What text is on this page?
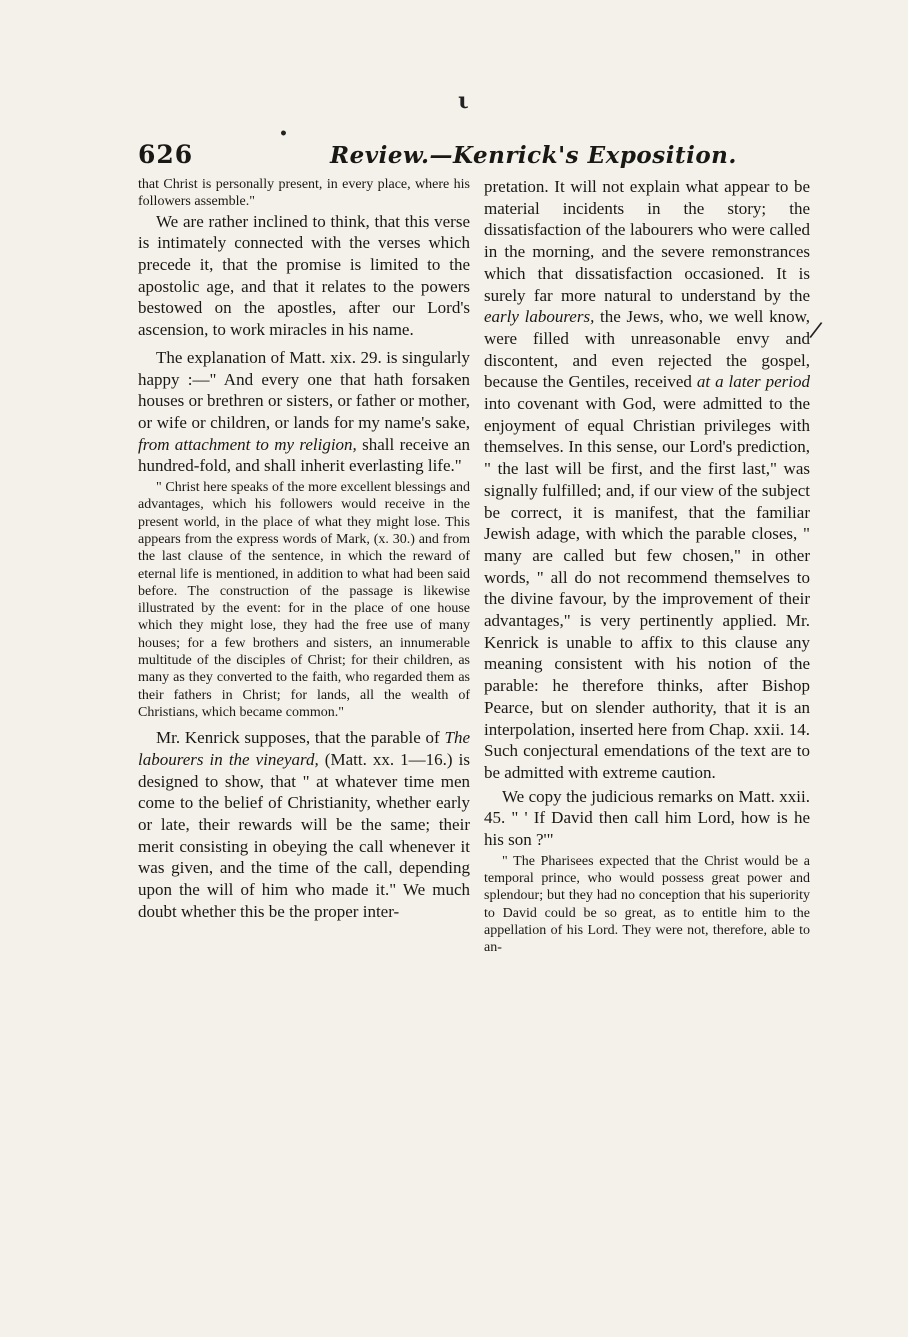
ι
•
626	Review.—Kenrick's Exposition.

that Christ is personally present, in every place, where his followers assemble."

We are rather inclined to think, that this verse is intimately connected with the verses which precede it, that the promise is limited to the apostolic age, and that it relates to the powers bestowed on the apostles, after our Lord's ascension, to work miracles in his name.

The explanation of Matt. xix. 29. is singularly happy :—" And every one that hath forsaken houses or brethren or sisters, or father or mother, or wife or children, or lands for my name's sake, from attachment to my religion, shall receive an hundred-fold, and shall inherit everlasting life."

" Christ here speaks of the more excellent blessings and advantages, which his followers would receive in the present world, in the place of what they might lose. This appears from the express words of Mark, (x. 30.) and from the last clause of the sentence, in which the reward of eternal life is mentioned, in addition to what had been said before. The construction of the passage is likewise illustrated by the event: for in the place of one house which they might lose, they had the free use of many houses; for a few brothers and sisters, an innumerable multitude of the disciples of Christ; for their children, as many as they converted to the faith, who regarded them as their fathers in Christ; for lands, all the wealth of Christians, which became common."

Mr. Kenrick supposes, that the parable of The labourers in the vineyard, (Matt. xx. 1—16.) is designed to show, that " at whatever time men come to the belief of Christianity, whether early or late, their rewards will be the same; their merit consisting in obeying the call whenever it was given, and the time of the call, depending upon the will of him who made it." We much doubt whether this be the proper inter-

pretation. It will not explain what appear to be material incidents in the story; the dissatisfaction of the labourers who were called in the morning, and the severe remonstrances which that dissatisfaction occasioned. It is surely far more natural to understand by the early labourers, the Jews, who, we well know, were filled with unreasonable envy and discontent, and even rejected the gospel, because the Gentiles, received at a later period into covenant with God, were admitted to the enjoyment of equal Christian privileges with themselves. In this sense, our Lord's prediction, " the last will be first, and the first last," was signally fulfilled; and, if our view of the subject be correct, it is manifest, that the familiar Jewish adage, with which the parable closes, " many are called but few chosen," in other words, " all do not recommend themselves to the divine favour, by the improvement of their advantages," is very pertinently applied. Mr. Kenrick is unable to affix to this clause any meaning consistent with his notion of the parable: he therefore thinks, after Bishop Pearce, but on slender authority, that it is an interpolation, inserted here from Chap. xxii. 14. Such conjectural emendations of the text are to be admitted with extreme caution.

We copy the judicious remarks on Matt. xxii. 45. " ' If David then call him Lord, how is he his son ?'"

" The Pharisees expected that the Christ would be a temporal prince, who would possess great power and splendour; but they had no conception that his superiority to David could be so great, as to entitle him to the appellation of his Lord. They were not, therefore, able to an-

/
